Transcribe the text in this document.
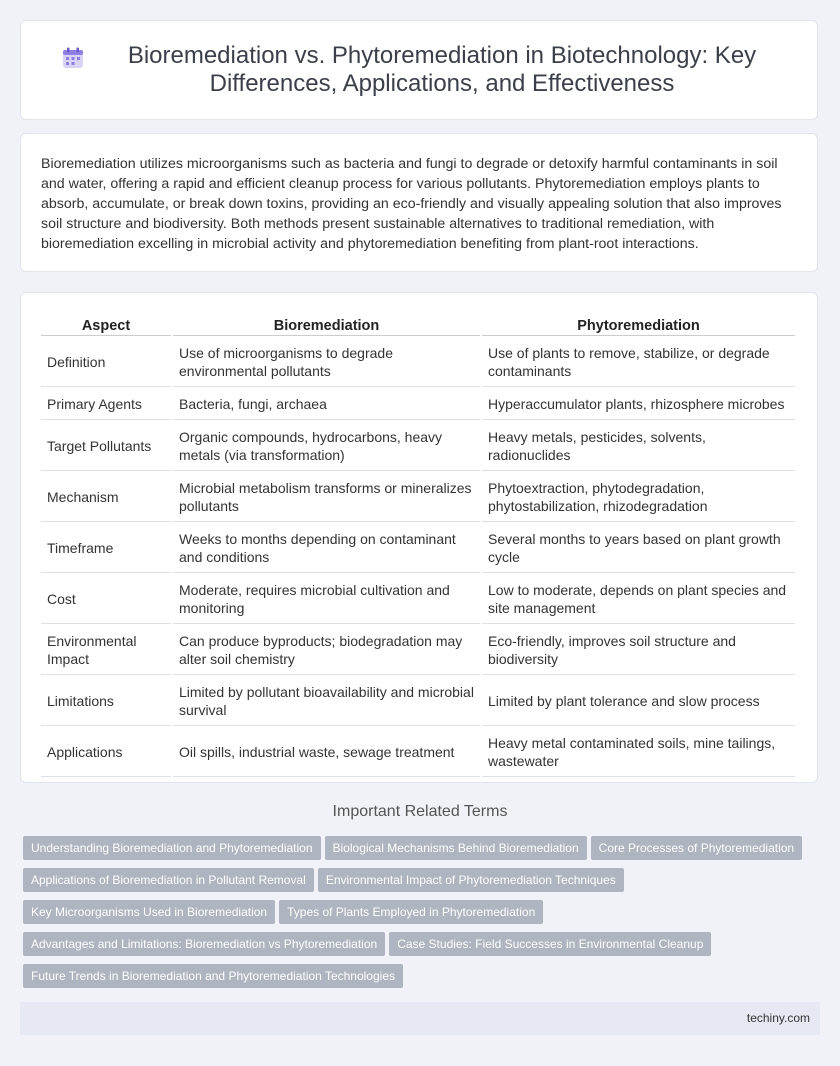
Bioremediation vs. Phytoremediation in Biotechnology: Key Differences, Applications, and Effectiveness

Bioremediation utilizes microorganisms such as bacteria and fungi to degrade or detoxify harmful contaminants in soil and water, offering a rapid and efficient cleanup process for various pollutants. Phytoremediation employs plants to absorb, accumulate, or break down toxins, providing an eco-friendly and visually appealing solution that also improves soil structure and biodiversity. Both methods present sustainable alternatives to traditional remediation, with bioremediation excelling in microbial activity and phytoremediation benefiting from plant-root interactions.

Aspect	Bioremediation	Phytoremediation
Definition	Use of microorganisms to degrade environmental pollutants	Use of plants to remove, stabilize, or degrade contaminants
Primary Agents	Bacteria, fungi, archaea	Hyperaccumulator plants, rhizosphere microbes
Target Pollutants	Organic compounds, hydrocarbons, heavy metals (via transformation)	Heavy metals, pesticides, solvents, radionuclides
Mechanism	Microbial metabolism transforms or mineralizes pollutants	Phytoextraction, phytodegradation, phytostabilization, rhizodegradation
Timeframe	Weeks to months depending on contaminant and conditions	Several months to years based on plant growth cycle
Cost	Moderate, requires microbial cultivation and monitoring	Low to moderate, depends on plant species and site management
Environmental Impact	Can produce byproducts; biodegradation may alter soil chemistry	Eco-friendly, improves soil structure and biodiversity
Limitations	Limited by pollutant bioavailability and microbial survival	Limited by plant tolerance and slow process
Applications	Oil spills, industrial waste, sewage treatment	Heavy metal contaminated soils, mine tailings, wastewater
Important Related Terms
Understanding Bioremediation and Phytoremediation Biological Mechanisms Behind Bioremediation Core Processes of PhytoremediationApplications of Bioremediation in Pollutant Removal Environmental Impact of Phytoremediation TechniquesKey Microorganisms Used in Bioremediation Types of Plants Employed in PhytoremediationAdvantages and Limitations: Bioremediation vs Phytoremediation Case Studies: Field Successes in Environmental CleanupFuture Trends in Bioremediation and Phytoremediation Technologies
techiny.com
